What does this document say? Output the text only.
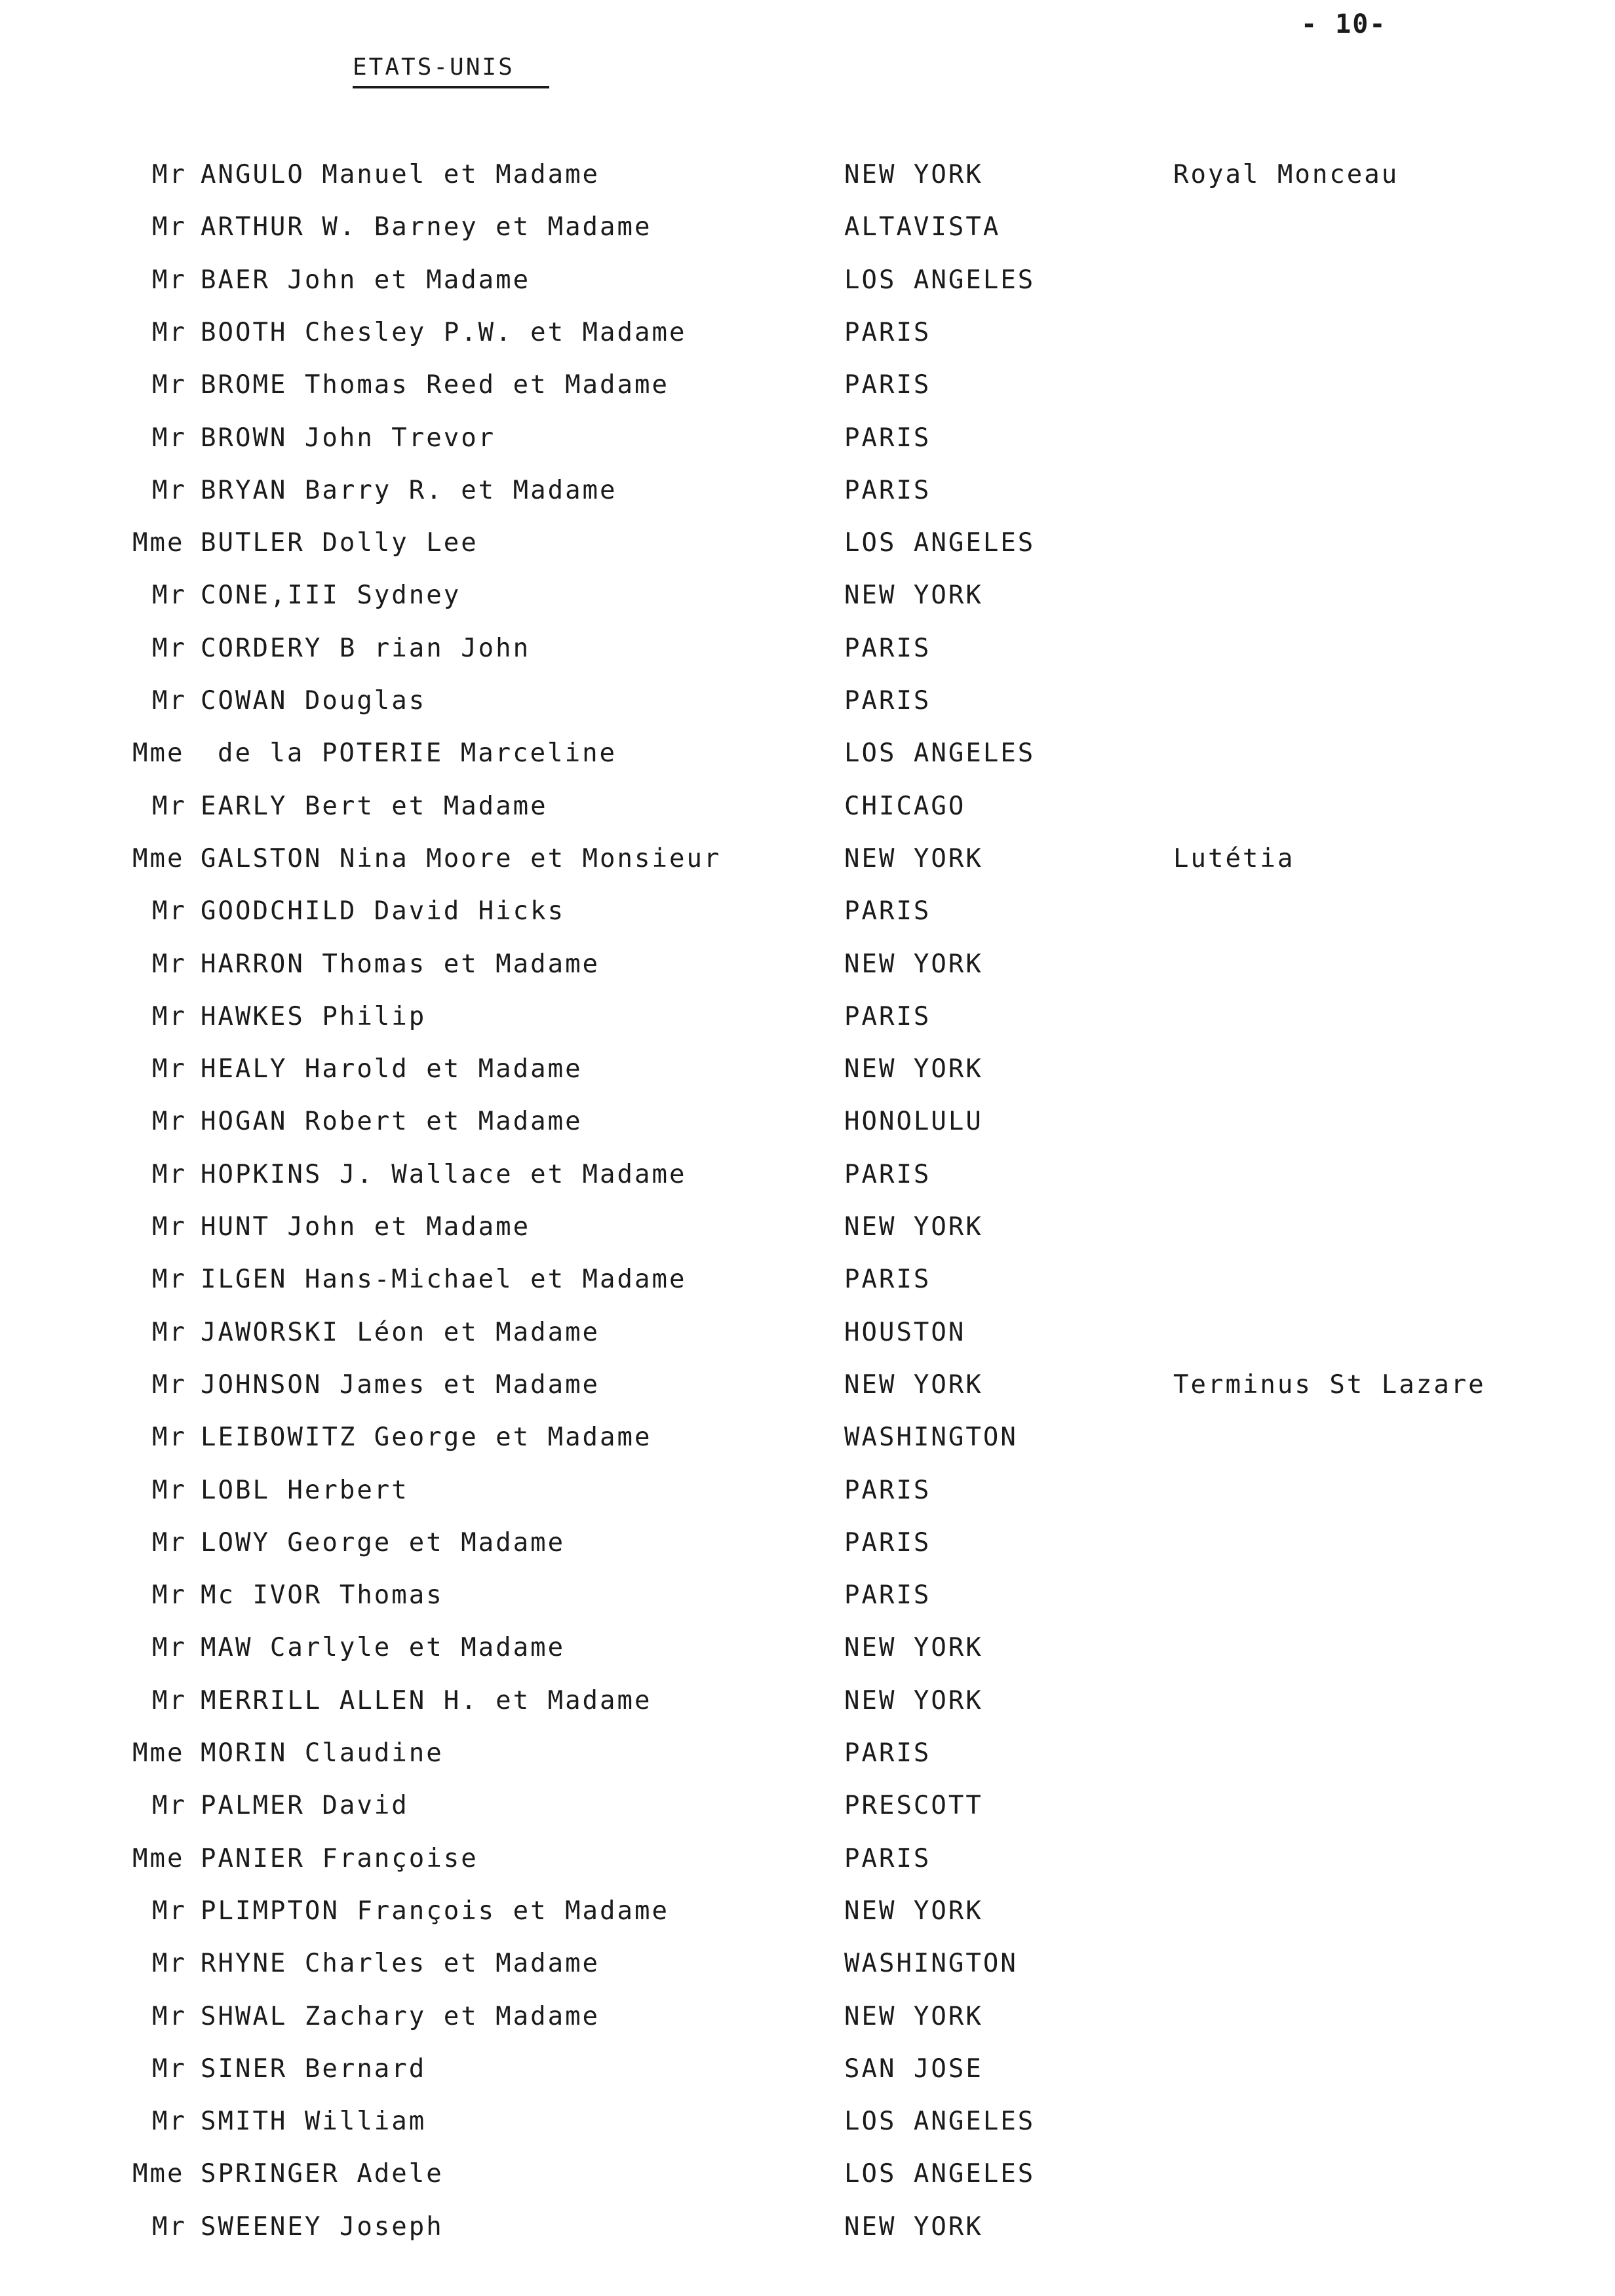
- 10-
ETATS-UNIS
Mr ANGULO Manuel et Madame	NEW YORK	Royal Monceau
Mr ARTHUR W. Barney et Madame	ALTAVISTA
Mr BAER John et Madame	LOS ANGELES
Mr BOOTH Chesley P.W. et Madame	PARIS
Mr BROME Thomas Reed et Madame	PARIS
Mr BROWN John Trevor	PARIS
Mr BRYAN Barry R. et Madame	PARIS
Mme BUTLER Dolly Lee	LOS ANGELES
Mr CONE,III Sydney	NEW YORK
Mr CORDERY B rian John	PARIS
Mr COWAN Douglas	PARIS
Mme de la POTERIE Marceline	LOS ANGELES
Mr EARLY Bert et Madame	CHICAGO
Mme GALSTON Nina Moore et Monsieur	NEW YORK	Lutétia
Mr GOODCHILD David Hicks	PARIS
Mr HARRON Thomas et Madame	NEW YORK
Mr HAWKES Philip	PARIS
Mr HEALY Harold et Madame	NEW YORK
Mr HOGAN Robert et Madame	HONOLULU
Mr HOPKINS J. Wallace et Madame	PARIS
Mr HUNT John et Madame	NEW YORK
Mr ILGEN Hans-Michael et Madame	PARIS
Mr JAWORSKI Léon et Madame	HOUSTON
Mr JOHNSON James et Madame	NEW YORK	Terminus St Lazare
Mr LEIBOWITZ George et Madame	WASHINGTON
Mr LOBL Herbert	PARIS
Mr LOWY George et Madame	PARIS
Mr Mc IVOR Thomas	PARIS
Mr MAW Carlyle et Madame	NEW YORK
Mr MERRILL ALLEN H. et Madame	NEW YORK
Mme MORIN Claudine	PARIS
Mr PALMER David	PRESCOTT
Mme PANIER Françoise	PARIS
Mr PLIMPTON François et Madame	NEW YORK
Mr RHYNE Charles et Madame	WASHINGTON
Mr SHWAL Zachary et Madame	NEW YORK
Mr SINER Bernard	SAN JOSE
Mr SMITH William	LOS ANGELES
Mme SPRINGER Adele	LOS ANGELES
Mr SWEENEY Joseph	NEW YORK
